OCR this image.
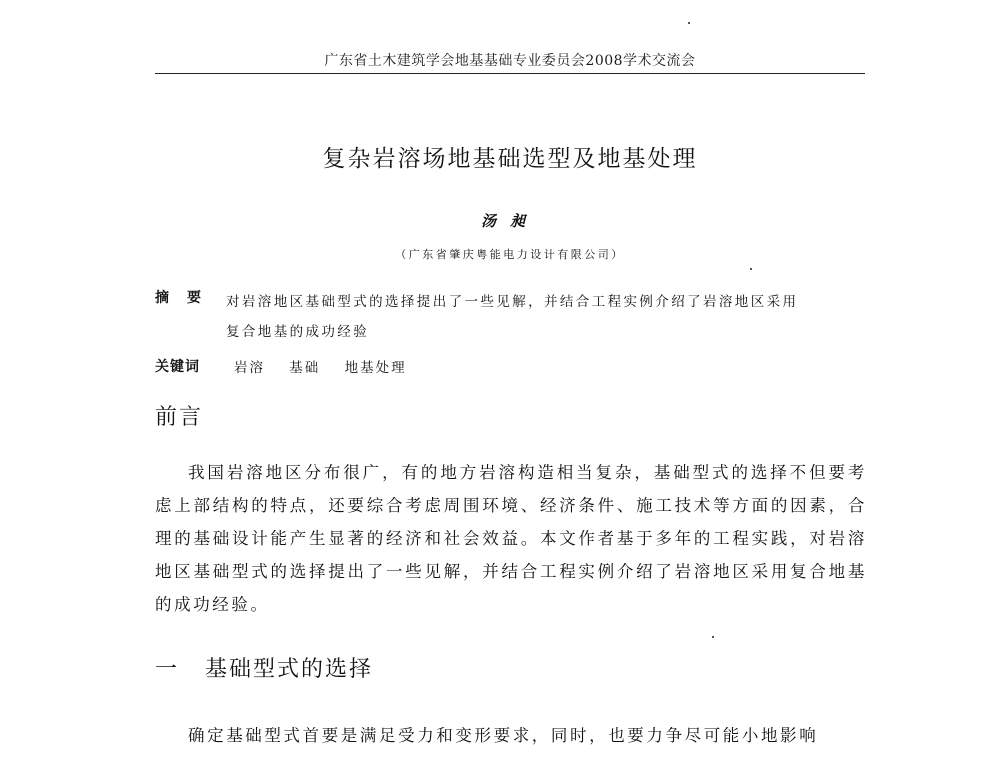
广东省土木建筑学会地基基础专业委员会2008学术交流会
复杂岩溶场地基础选型及地基处理
汤昶
（广东省肇庆粤能电力设计有限公司）
摘要 对岩溶地区基础型式的选择提出了一些见解，并结合工程实例介绍了岩溶地区采用
复合地基的成功经验
关键词	岩溶 基础 地基处理
前言
我国岩溶地区分布很广，有的地方岩溶构造相当复杂，基础型式的选择不但要考虑上部结构的特点，还要综合考虑周围环境、经济条件、施工技术等方面的因素，合理的基础设计能产生显著的经济和社会效益。本文作者基于多年的工程实践，对岩溶地区基础型式的选择提出了一些见解，并结合工程实例介绍了岩溶地区采用复合地基的成功经验。
一 基础型式的选择
确定基础型式首要是满足受力和变形要求，同时，也要力争尽可能小地影响
